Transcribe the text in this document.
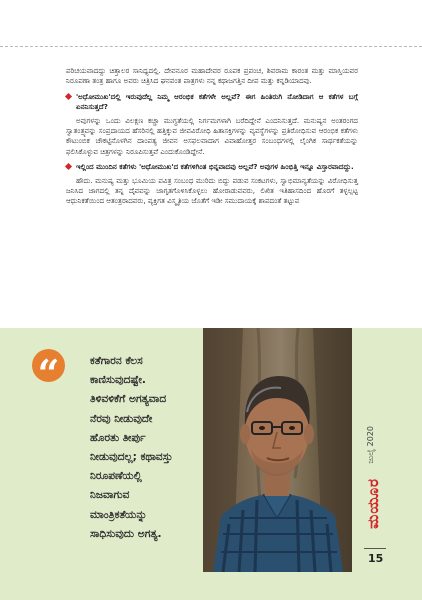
ಪರಿಚಯವಾದದ್ದು ಚಿತ್ತಾಲರ ಸಾನಿಧ್ಯದಲ್ಲಿ. ದೇವನೂರ ಮಹಾದೇವರ ರೂಪಕ ಪ್ರಪಂಚ, ಶಿವರಾಮ ಕಾರಂತ ಮತ್ತು ಮಾಸ್ತಿಯವರ ನಿರೂಪಣಾ ತಂತ್ರ ಹಾಗೂ ಅವರು ಚಿತ್ರಿಸಿದ ಘನವಂತ ಪಾತ್ರಗಳು ನನ್ನ ಕಥಾಜಗತ್ತಿನ ದೀಪ ಮತ್ತು ಕನ್ನಡಿಯಾದವು.

'ಅಧೋಮುಖ'ದಲ್ಲಿ ಇರುವುದೆಲ್ಲ ನಿಮ್ಮ ಆರಂಭಿಕ ಕತೆಗಳೇ ಅಲ್ಲವೆ? ಈಗ ಹಿಂತಿರುಗಿ ನೋಡಿದಾಗ ಆ ಕತೆಗಳ ಬಗ್ಗೆ ಏನನಿಸುತ್ತದೆ?

ಅವುಗಳನ್ನು ಒಂದು ವಿಲಕ್ಷಣ ಕಚ್ಚಾ ಮುಗ್ಧತೆಯಲ್ಲಿ ನಿರ್ಗಮಗಳಾಗಿ ಬರೆದಿದ್ದೇನೆ ಎಂದನಿಸುತ್ತದೆ. ಮನುಷ್ಯನ ಅಂತರಂಗದ ಸ್ವಾತಂತ್ರ್ಯವನ್ನು ಸಂಪ್ರದಾಯದ ಹೆಸರಿನಲ್ಲಿ ಹತ್ತಿಕ್ಕುವ ಜೀವವಿರೋಧಿ ಹಿತಾಸಕ್ತಿಗಳನ್ನು ವ್ಯವಸ್ಥೆಗಳನ್ನು ಪ್ರತಿರೋಧಿಸುವ ಆರಂಭಿಕ ಕತೆಗಳು ಕೌಟುಂಬಿಕ ಚೌಕಟ್ಟಿನೊಳಗಿನ ದಾಂಪತ್ಯ ಜೀವನ ಅಸಫಲವಾದಾಗ ವಿವಾಹೋತ್ತರ ಸಂಬಂಧಗಳಲ್ಲಿ ಲೈಂಗಿಕ ಸಾರ್ಥಕತೆಯನ್ನು ಫಲಿಸಿಕೊಳ್ಳುವ ಚಿತ್ರಗಳನ್ನು ನಿರೂಪಿಸುತ್ತವೆ ಎಂದುಕೊಂಡಿದ್ದೇನೆ.

ಇಲ್ಲಿಂದ ಮುಂದಿನ ಕತೆಗಳು 'ಅಧೋಮುಖ'ದ ಕತೆಗಳಿಗಿಂತ ಭಿನ್ನವಾದವು ಅಲ್ಲವೆ? ಅವುಗಳ ಹಿಂಭಿತ್ತಿ ಇನ್ನೂ ವಿಸ್ತಾರವಾದದ್ದು.

ಹೌದು. ಮನುಷ್ಯ ಮತ್ತು ಭೂಮಿಯ ಪವಿತ್ರ ಸಂಬಂಧ ಮುರಿದು ಬಿದ್ದು ಪಡುವ ಸಂಕಟಗಳು, ಸ್ವಾಭಿಮಾನ್ಯತೆಯನ್ನು ವಿರೋಧಿಸುತ್ತ ಜನಿಸಿದ ಜಾಗದಲ್ಲಿ ತನ್ನ ದೈವವನ್ನು ಜಾಗೃತಗೊಳಿಸಿಕೊಳ್ಳಲು ಹೋರಾಡುವವರು, ಲಿಖಿತ ಇತಿಹಾಸದಿಂದ ಹೊರಗೆ ತಳ್ಳಲ್ಪಟ್ಟ ಆಧುನಿಕತೆಯಿಂದ ಆತಂತ್ರರಾದವರು, ವ್ಯಕ್ತಿಗತ ವಿಸ್ಮೃತಿಯ ಜೊತೆಗೆ ಇಡೀ ಸಮುದಾಯಕ್ಕೆ ಶಾಪದಂತೆ ತಟ್ಟುವ

“	ಕತೆಗಾರನ ಕೆಲಸ
ಕಾಣಿಸುವುದಷ್ಟೇ.
ತಿಳಿವಳಿಕೆಗೆ ಅಗತ್ಯವಾದ
ನೆರವು ನೀಡುವುದೇ
ಹೊರತು ತೀರ್ಪು
ನೀಡುವುದಲ್ಲ; ಕಥಾವಸ್ತು
ನಿರೂಪಣೆಯಲ್ಲಿ
ನಿಜವಾಗುವ
ಮಾಂತ್ರಿಕತೆಯನ್ನು
ಸಾಧಿಸುವುದು ಅಗತ್ಯ.
ಜುಲೈ 2020
ಮಯೂರ
15
